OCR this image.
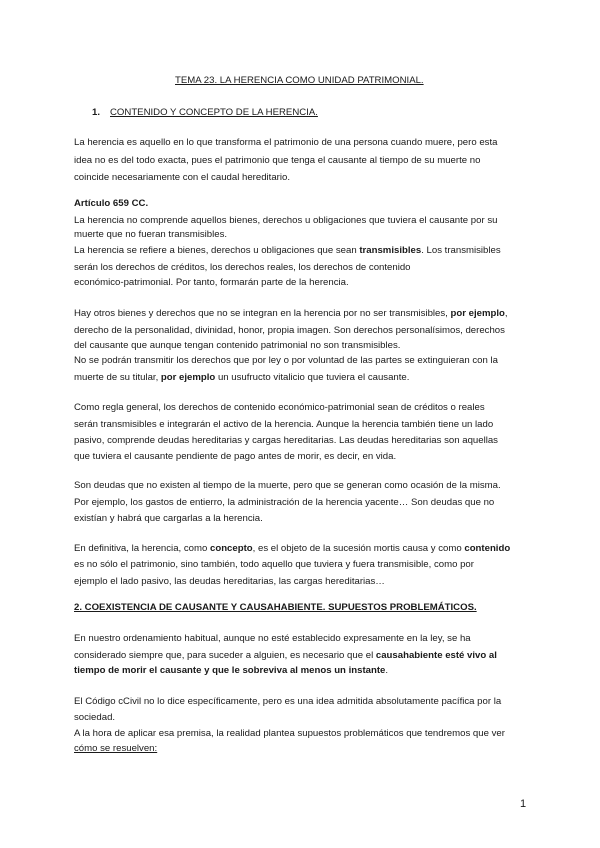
TEMA 23. LA HERENCIA COMO UNIDAD PATRIMONIAL.
1. CONTENIDO Y CONCEPTO DE LA HERENCIA.
La herencia es aquello en lo que transforma el patrimonio de una persona cuando muere, pero esta
idea no es del todo exacta, pues el patrimonio que tenga el causante al tiempo de su muerte no
coincide necesariamente con el caudal hereditario.
Artículo 659 CC.
La herencia no comprende aquellos bienes, derechos u obligaciones que tuviera el causante por su
muerte que no fueran transmisibles.
La herencia se refiere a bienes, derechos u obligaciones que sean transmisibles. Los transmisibles
serán los derechos de créditos, los derechos reales, los derechos de contenido
económico-patrimonial. Por tanto, formarán parte de la herencia.
Hay otros bienes y derechos que no se integran en la herencia por no ser transmisibles, por ejemplo,
derecho de la personalidad, divinidad, honor, propia imagen. Son derechos personalísimos, derechos
del causante que aunque tengan contenido patrimonial no son transmisibles.
No se podrán transmitir los derechos que por ley o por voluntad de las partes se extinguieran con la
muerte de su titular, por ejemplo un usufructo vitalicio que tuviera el causante.
Como regla general, los derechos de contenido económico-patrimonial sean de créditos o reales
serán transmisibles e integrarán el activo de la herencia. Aunque la herencia también tiene un lado
pasivo, comprende deudas hereditarias y cargas hereditarias. Las deudas hereditarias son aquellas
que tuviera el causante pendiente de pago antes de morir, es decir, en vida.
Son deudas que no existen al tiempo de la muerte, pero que se generan como ocasión de la misma.
Por ejemplo, los gastos de entierro, la administración de la herencia yacente… Son deudas que no
existían y habrá que cargarlas a la herencia.
En definitiva, la herencia, como concepto, es el objeto de la sucesión mortis causa y como contenido
es no sólo el patrimonio, sino también, todo aquello que tuviera y fuera transmisible, como por
ejemplo el lado pasivo, las deudas hereditarias, las cargas hereditarias…
2. COEXISTENCIA DE CAUSANTE Y CAUSAHABIENTE. SUPUESTOS PROBLEMÁTICOS.
En nuestro ordenamiento habitual, aunque no esté establecido expresamente en la ley, se ha
considerado siempre que, para suceder a alguien, es necesario que el causahabiente esté vivo al
tiempo de morir el causante y que le sobreviva al menos un instante.
El Código cCivil no lo dice específicamente, pero es una idea admitida absolutamente pacífica por la
sociedad.
A la hora de aplicar esa premisa, la realidad plantea supuestos problemáticos que tendremos que ver
cómo se resuelven:
1
